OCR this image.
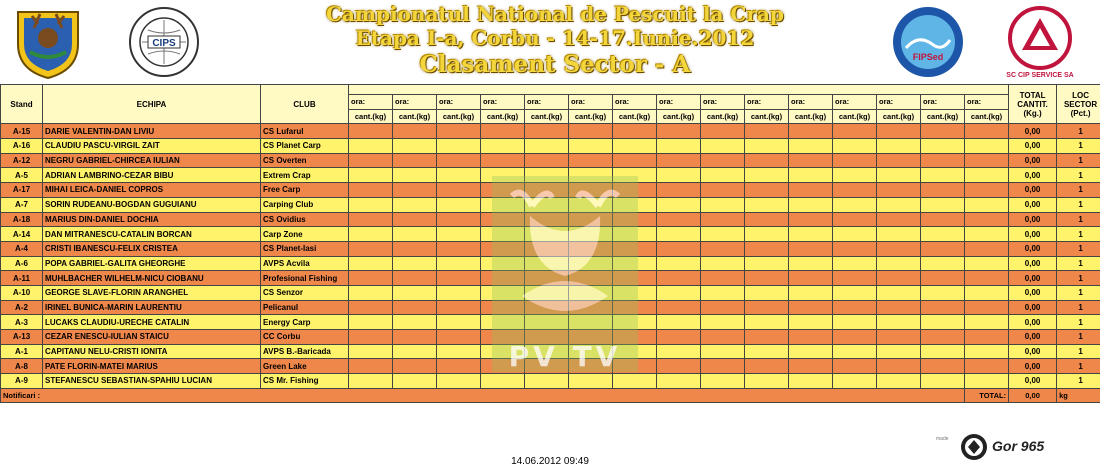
CIPS
Campionatul National de Pescuit la Crap
Etapa I-a, Corbu - 14-17.Iunie.2012
Clasament Sector - A	FIPSed
SC CIP SERVICE SA
Stand	ECHIPA	CLUB																TOTAL
CANTIT.
(Kg.)	LOC
SECTOR
(Pct.)
			ora:	ora:	ora:	ora:	ora:	ora:	ora:	ora:	ora:	ora:	ora:	ora:	ora:	ora:	ora:		
			cant.(kg)	cant.(kg)	cant.(kg)	cant.(kg)	cant.(kg)	cant.(kg)	cant.(kg)	cant.(kg)	cant.(kg)	cant.(kg)	cant.(kg)	cant.(kg)	cant.(kg)	cant.(kg)	cant.(kg)		
A-15	DARIE VALENTIN-DAN LIVIU	CS Lufarul																0,00	1
A-16	CLAUDIU PASCU-VIRGIL ZAIT	CS Planet Carp																0,00	1
A-12	NEGRU GABRIEL-CHIRCEA IULIAN	CS Overten																0,00	1
A-5	ADRIAN LAMBRINO-CEZAR BIBU	Extrem Crap																0,00	1
A-17	MIHAI LEICA-DANIEL COPROS	Free Carp																0,00	1
A-7	SORIN RUDEANU-BOGDAN GUGUIANU	Carping Club																0,00	1
A-18	MARIUS DIN-DANIEL DOCHIA	CS Ovidius																0,00	1
A-14	DAN MITRANESCU-CATALIN BORCAN	Carp Zone																0,00	1
A-4	CRISTI IBANESCU-FELIX CRISTEA	CS Planet-Iasi																0,00	1
A-6	POPA GABRIEL-GALITA GHEORGHE	AVPS Acvila																0,00	1
A-11	MUHLBACHER WILHELM-NICU CIOBANU	Profesional Fishing																0,00	1
A-10	GEORGE SLAVE-FLORIN ARANGHEL	CS Senzor																0,00	1
A-2	IRINEL BUNICA-MARIN LAURENTIU	Pelicanul																0,00	1
A-3	LUCAKS CLAUDIU-URECHE CATALIN	Energy Carp																0,00	1
A-13	CEZAR ENESCU-IULIAN STAICU	CC Corbu																0,00	1
A-1	CAPITANU NELU-CRISTI IONITA	AVPS B.-Baricada																0,00	1
A-8	PATE FLORIN-MATEI MARIUS	Green Lake																0,00	1
A-9	STEFANESCU SEBASTIAN-SPAHIU LUCIAN	CS Mr. Fishing																0,00	1
Notificari :																	TOTAL:	0,00	kg
PV TV
14.06.2012 09:49
made	Gor 965
